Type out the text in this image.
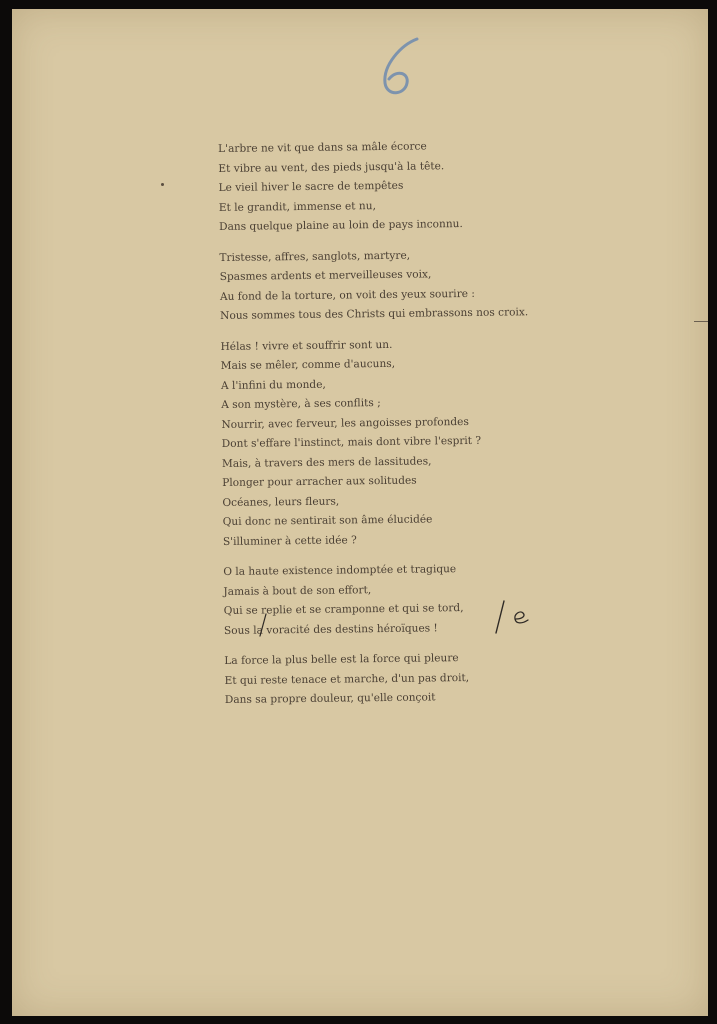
L'arbre ne vit que dans sa mâle écorce
Et vibre au vent, des pieds jusqu'à la tête.
Le vieil hiver le sacre de tempêtes
Et le grandit, immense et nu,
Dans quelque plaine au loin de pays inconnu.
Tristesse, affres, sanglots, martyre,
Spasmes ardents et merveilleuses voix,
Au fond de la torture, on voit des yeux sourire :
Nous sommes tous des Christs qui embrassons nos croix.
Hélas ! vivre et souffrir sont un.
Mais se mêler, comme d'aucuns,
A l'infini du monde,
A son mystère, à ses conflits ;
Nourrir, avec ferveur, les angoisses profondes
Dont s'effare l'instinct, mais dont vibre l'esprit ?
Mais, à travers des mers de lassitudes,
Plonger pour arracher aux solitudes
Océanes, leurs fleurs,
Qui donc ne sentirait son âme élucidée
S'illuminer à cette idée ?
O la haute existence indomptée et tragique
Jamais à bout de son effort,
Qui se replie et se cramponne et qui se tord,
Sous la voracité des destins héroïques !
La force la plus belle est la force qui pleure
Et qui reste tenace et marche, d'un pas droit,
Dans sa propre douleur, qu'elle conçoit
